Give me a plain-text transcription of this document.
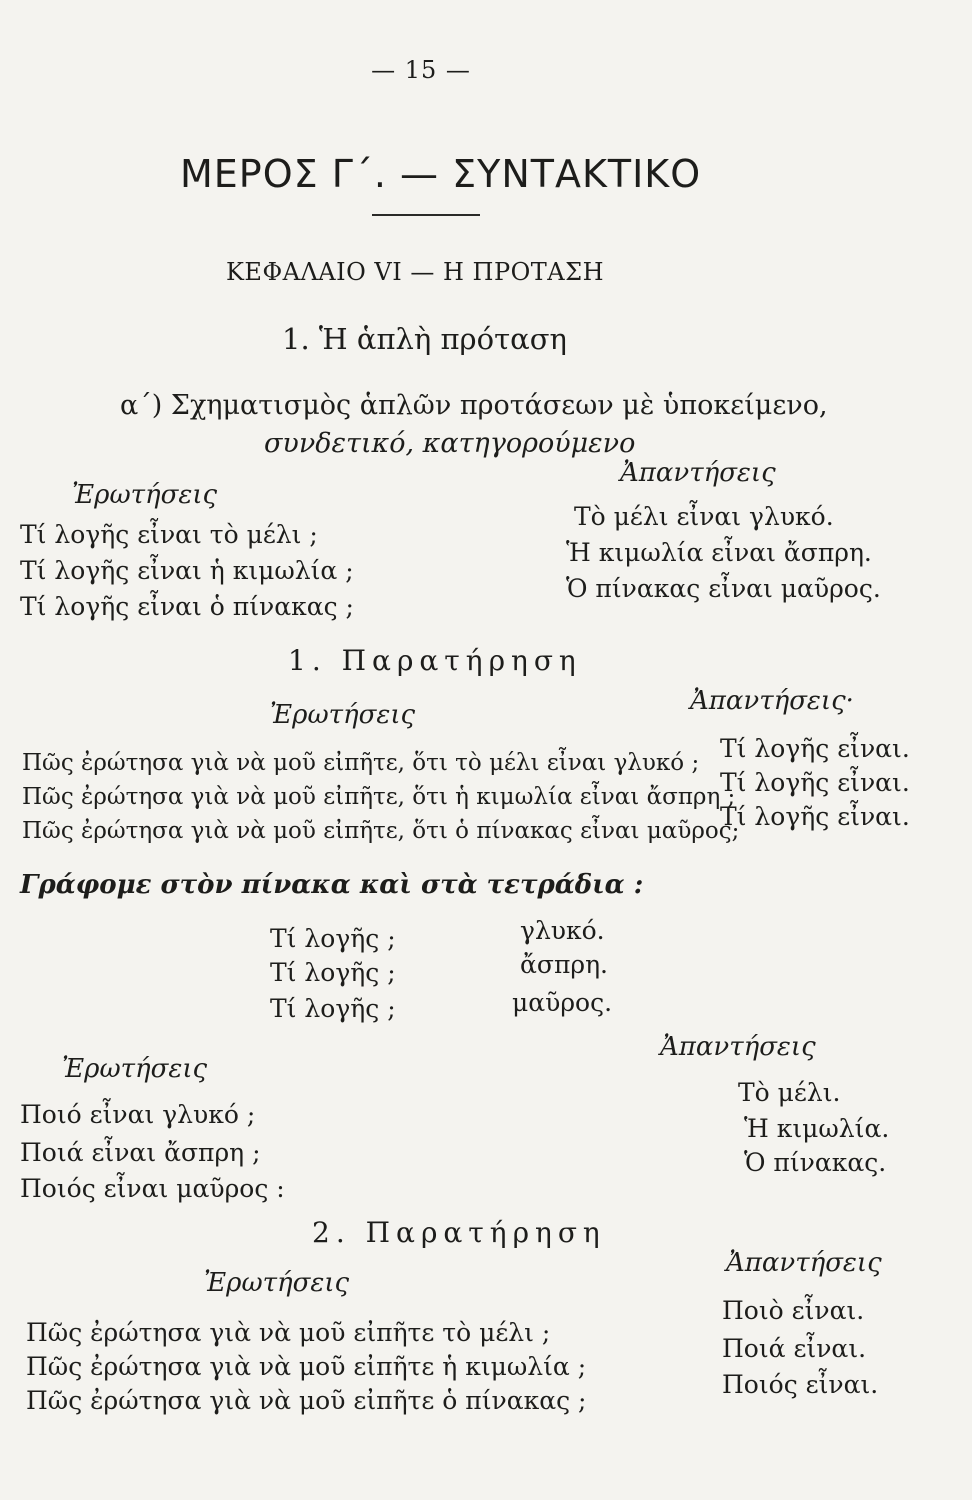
— 15 —
ΜΕΡΟΣ Γ΄. — ΣΥΝΤΑΚΤΙΚΟ
ΚΕΦΑΛΑΙΟ VI — Η ΠΡΟΤΑΣΗ
1. Ἡ ἁπλὴ πρόταση
α΄) Σχηματισμὸς ἁπλῶν προτάσεων μὲ ὑποκείμενο,
συνδετικό, κατηγορούμενο
Ἐρωτήσεις
Ἀπαντήσεις
Τί λογῆς εἶναι τὸ μέλι ;
Τί λογῆς εἶναι ἡ κιμωλία ;
Τί λογῆς εἶναι ὁ πίνακας ;
Τὸ μέλι εἶναι γλυκό.
Ἡ κιμωλία εἶναι ἄσπρη.
Ὁ πίνακας εἶναι μαῦρος.
1. Παρατήρηση
Ἐρωτήσεις	Ἀπαντήσεις·
Πῶς ἐρώτησα γιὰ νὰ μοῦ εἰπῆτε, ὅτι τὸ μέλι εἶναι γλυκό ;
Πῶς ἐρώτησα γιὰ νὰ μοῦ εἰπῆτε, ὅτι ἡ κιμωλία εἶναι ἄσπρη ;
Πῶς ἐρώτησα γιὰ νὰ μοῦ εἰπῆτε, ὅτι ὁ πίνακας εἶναι μαῦρος;
Τί λογῆς εἶναι.
Τί λογῆς εἶναι.
Τί λογῆς εἶναι.
Γράφομε στὸν πίνακα καὶ στὰ τετράδια :
Τί λογῆς ;
Τί λογῆς ;
Τί λογῆς ;
γλυκό.
ἄσπρη.
μαῦρος.
Ἐρωτήσεις
Ἀπαντήσεις
Ποιό εἶναι γλυκό ;
Ποιά εἶναι ἄσπρη ;
Ποιός εἶναι μαῦρος :
Τὸ μέλι.
Ἡ κιμωλία.
Ὁ πίνακας.
2. Παρατήρηση
Ἐρωτήσεις
Ἀπαντήσεις
Πῶς ἐρώτησα γιὰ νὰ μοῦ εἰπῆτε τὸ μέλι ;
Πῶς ἐρώτησα γιὰ νὰ μοῦ εἰπῆτε ἡ κιμωλία ;
Πῶς ἐρώτησα γιὰ νὰ μοῦ εἰπῆτε ὁ πίνακας ;
Ποιὸ εἶναι.
Ποιά εἶναι.
Ποιός εἶναι.
